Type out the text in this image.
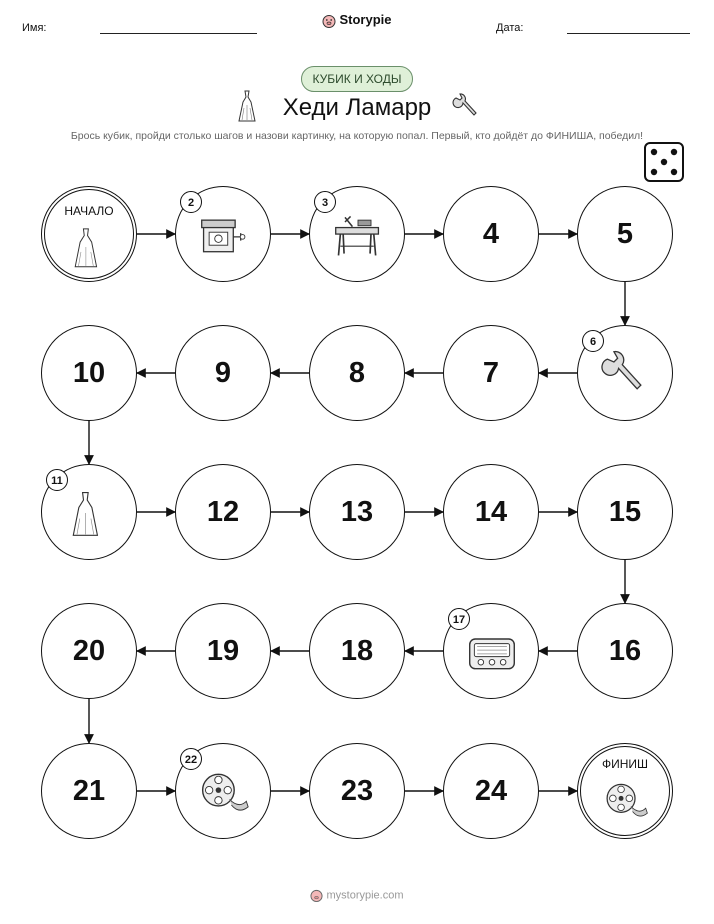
Имя:
Storypie
Дата:
КУБИК И ХОДЫ
Хеди Ламарр
Брось кубик, пройди столько шагов и назови картинку, на которую попал. Первый, кто дойдёт до ФИНИША, победил!
НАЧАЛО
2	3
4	5
6
7
8
9
10
11
12	13	14	15
16
17
18
19
20
21
22
23	24
ФИНИШ
mystorypie.com
